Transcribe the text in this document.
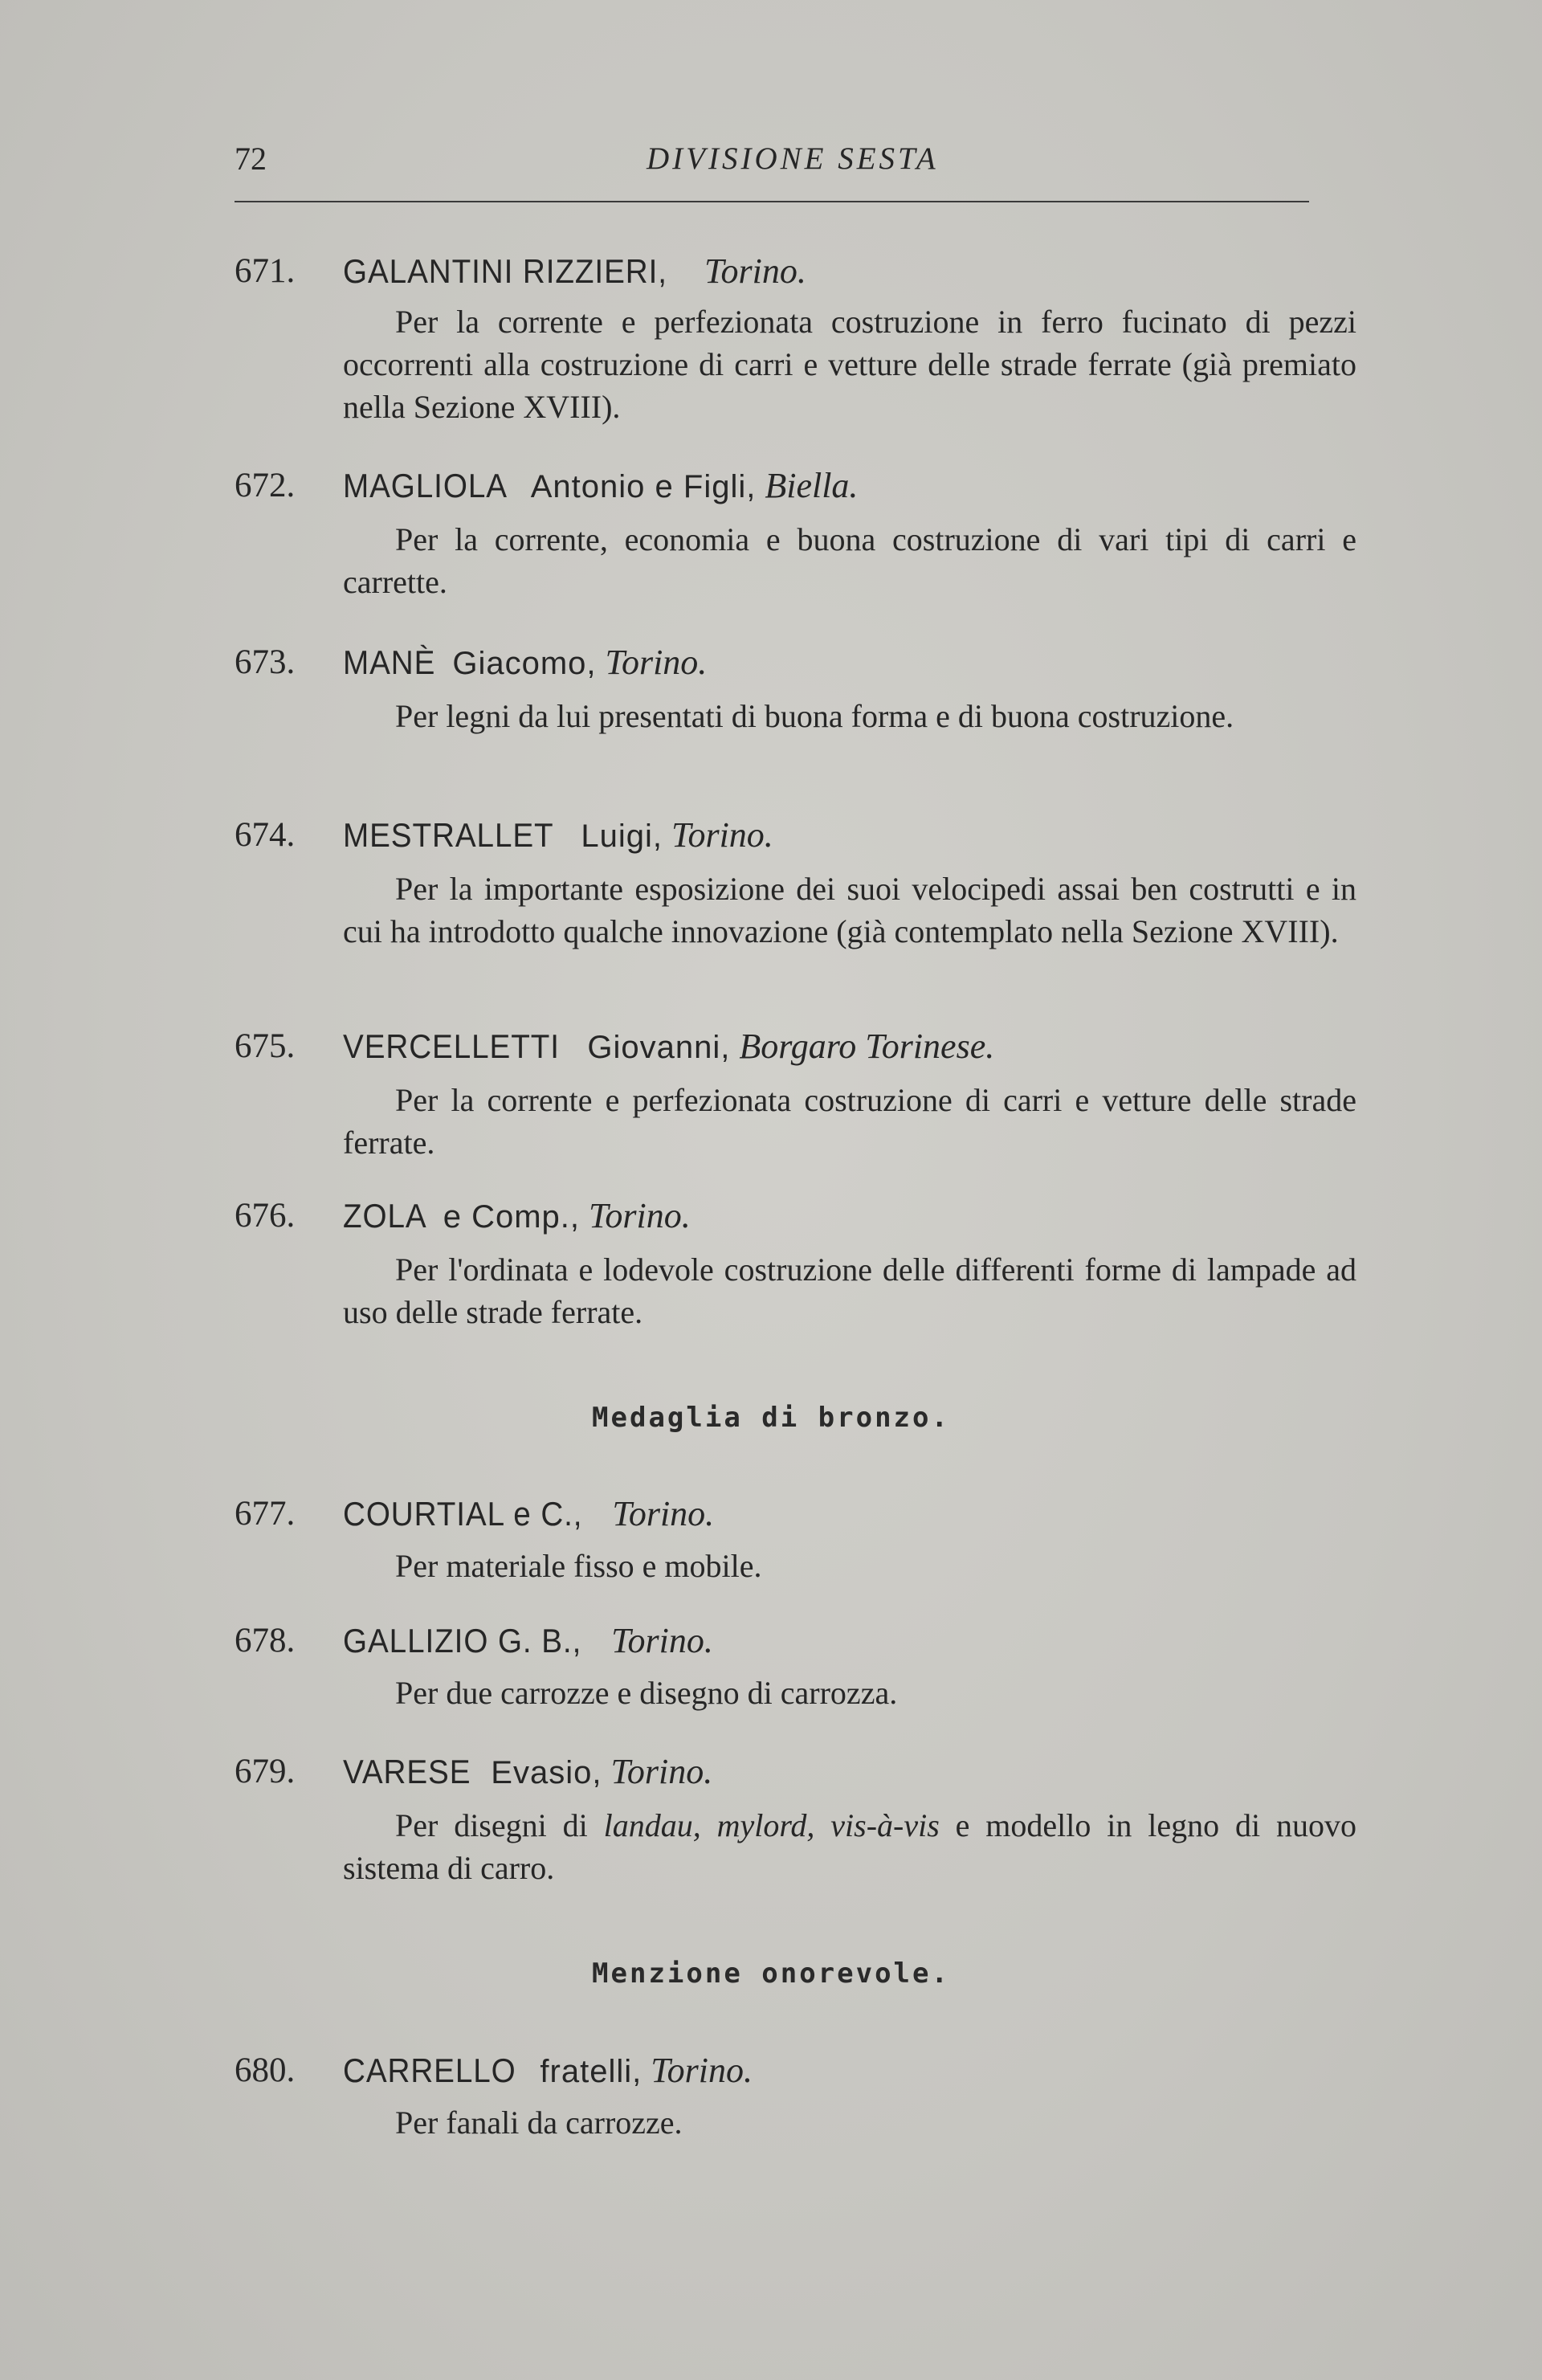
72	DIVISIONE SESTA
671. GALANTINI RIZZIERI, Torino.
Per la corrente e perfezionata costruzione in ferro fucinato di pezzi occorrenti alla costruzione di carri e vetture delle strade ferrate (già premiato nella Sezione XVIII).
672. MAGLIOLA Antonio e Figli, Biella.
Per la corrente, economia e buona costruzione di vari tipi di carri e carrette.
673. MANÈ Giacomo, Torino.
Per legni da lui presentati di buona forma e di buona costruzione.
674. MESTRALLET Luigi, Torino.
Per la importante esposizione dei suoi velocipedi assai ben costrutti e in cui ha introdotto qualche innovazione (già contemplato nella Sezione XVIII).
675. VERCELLETTI Giovanni, Borgaro Torinese.
Per la corrente e perfezionata costruzione di carri e vetture delle strade ferrate.
676. ZOLA e Comp., Torino.
Per l'ordinata e lodevole costruzione delle differenti forme di lampade ad uso delle strade ferrate.
Medaglia di bronzo.
677. COURTIAL e C., Torino.
Per materiale fisso e mobile.
678. GALLIZIO G. B., Torino.
Per due carrozze e disegno di carrozza.
679. VARESE Evasio, Torino.
Per disegni di landau, mylord, vis-à-vis e modello in legno di nuovo sistema di carro.
Menzione onorevole.
680. CARRELLO fratelli, Torino.
Per fanali da carrozze.
